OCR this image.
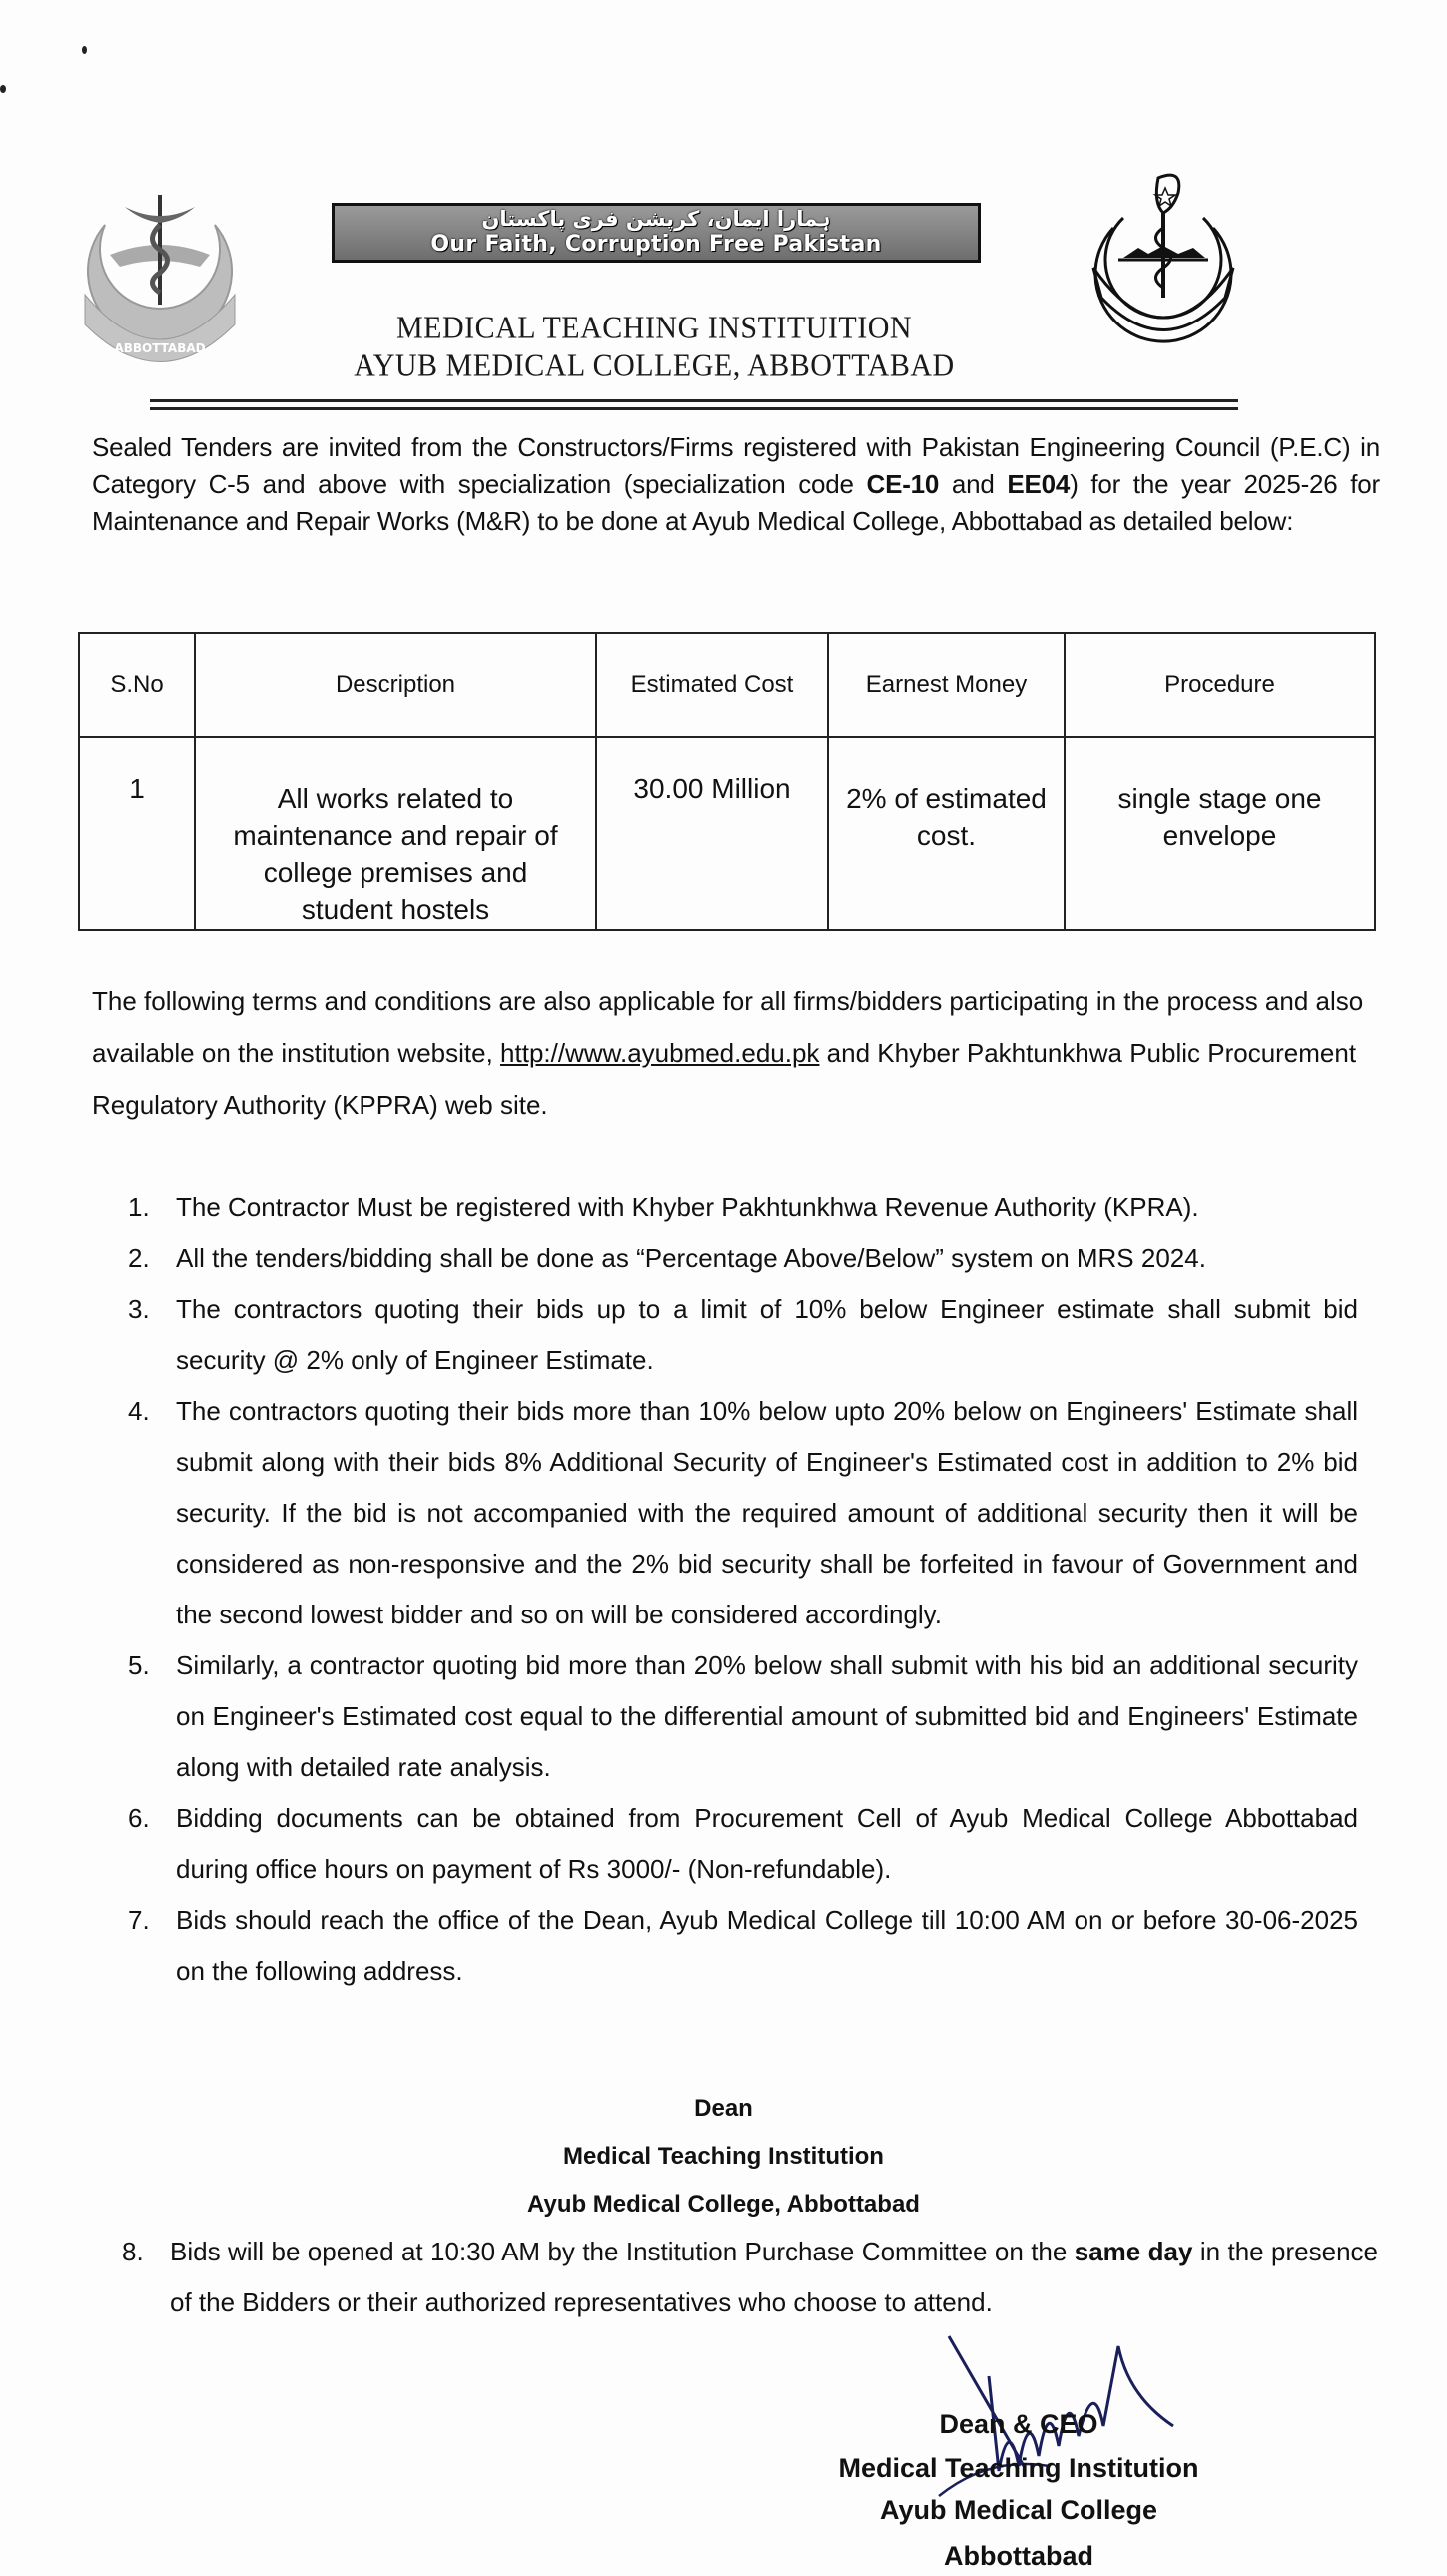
ABBOTTABAD
ہمارا ایمان، کرپشن فری پاکستان
Our Faith, Corruption Free Pakistan
MEDICAL TEACHING INSTITUITION
AYUB MEDICAL COLLEGE, ABBOTTABAD
Sealed Tenders are invited from the Constructors/Firms registered with Pakistan Engineering Council (P.E.C) in Category C-5 and above with specialization (specialization code CE-10 and EE04) for the year 2025-26 for Maintenance and Repair Works (M&R) to be done at Ayub Medical College, Abbottabad as detailed below:
S.No	Description	Estimated Cost	Earnest Money	Procedure
1	All works related to maintenance and repair of college premises and student hostels	30.00 Million	2% of estimated cost.	single stage one envelope

The following terms and conditions are also applicable for all firms/bidders participating in the process and also available on the institution website, http://www.ayubmed.edu.pk and Khyber Pakhtunkhwa Public Procurement Regulatory Authority (KPPRA) web site.

1. The Contractor Must be registered with Khyber Pakhtunkhwa Revenue Authority (KPRA).
2. All the tenders/bidding shall be done as “Percentage Above/Below” system on MRS 2024.
3. The contractors quoting their bids up to a limit of 10% below Engineer estimate shall submit bid security @ 2% only of Engineer Estimate.
4. The contractors quoting their bids more than 10% below upto 20% below on Engineers' Estimate shall submit along with their bids 8% Additional Security of Engineer's Estimated cost in addition to 2% bid security. If the bid is not accompanied with the required amount of additional security then it will be considered as non-responsive and the 2% bid security shall be forfeited in favour of Government and the second lowest bidder and so on will be considered accordingly.
5. Similarly, a contractor quoting bid more than 20% below shall submit with his bid an additional security on Engineer's Estimated cost equal to the differential amount of submitted bid and Engineers' Estimate along with detailed rate analysis.
6. Bidding documents can be obtained from Procurement Cell of Ayub Medical College Abbottabad during office hours on payment of Rs 3000/- (Non-refundable).
7. Bids should reach the office of the Dean, Ayub Medical College till 10:00 AM on or before 30-06-2025 on the following address.
Dean
Medical Teaching Institution
Ayub Medical College, Abbottabad
8. Bids will be opened at 10:30 AM by the Institution Purchase Committee on the same day in the presence of the Bidders or their authorized representatives who choose to attend.
Dean & CEO
Medical Teaching Institution
Ayub Medical College
Abbottabad
